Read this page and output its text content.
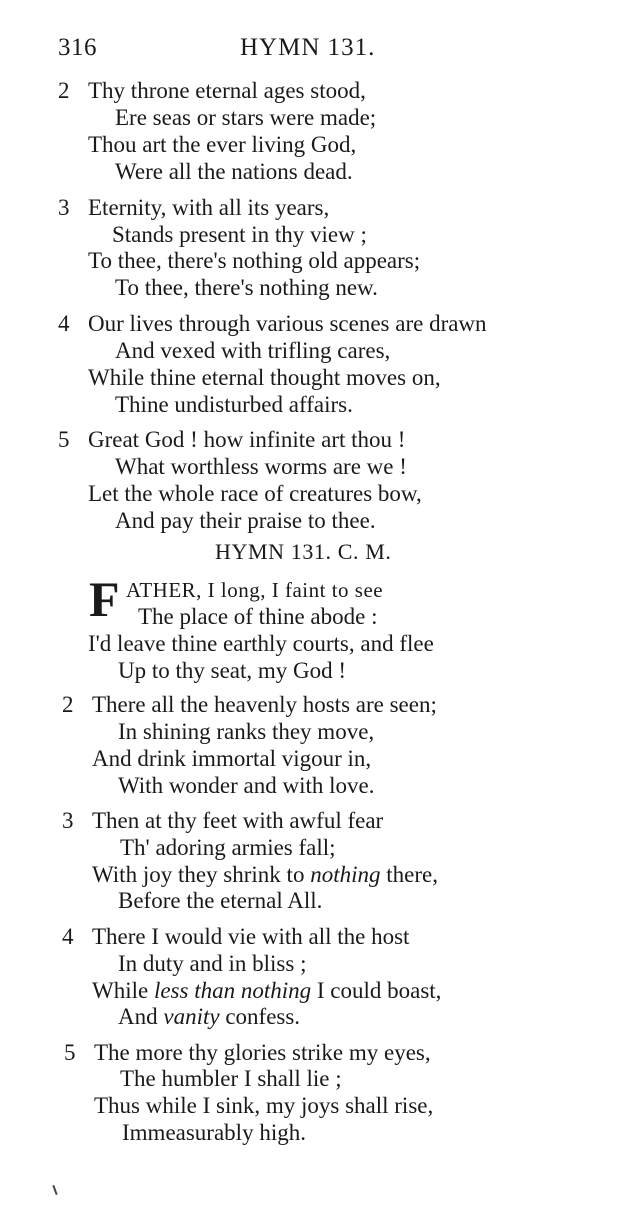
316	HYMN 131.
2 Thy throne eternal ages stood,
Ere seas or stars were made;
Thou art the ever living God,
Were all the nations dead.
3 Eternity, with all its years,
Stands present in thy view ;
To thee, there's nothing old appears;
To thee, there's nothing new.
4 Our lives through various scenes are drawn
And vexed with trifling cares,
While thine eternal thought moves on,
Thine undisturbed affairs.
5 Great God ! how infinite art thou !
What worthless worms are we !
Let the whole race of creatures bow,
And pay their praise to thee.
HYMN 131. C. M.
F ATHER, I long, I faint to see
The place of thine abode :
I'd leave thine earthly courts, and flee
Up to thy seat, my God !
2 There all the heavenly hosts are seen;
In shining ranks they move,
And drink immortal vigour in,
With wonder and with love.
3 Then at thy feet with awful fear
Th' adoring armies fall;
With joy they shrink to nothing there,
Before the eternal All.
4 There I would vie with all the host
In duty and in bliss ;
While less than nothing I could boast,
And vanity confess.
5 The more thy glories strike my eyes,
The humbler I shall lie ;
Thus while I sink, my joys shall rise,
Immeasurably high.
